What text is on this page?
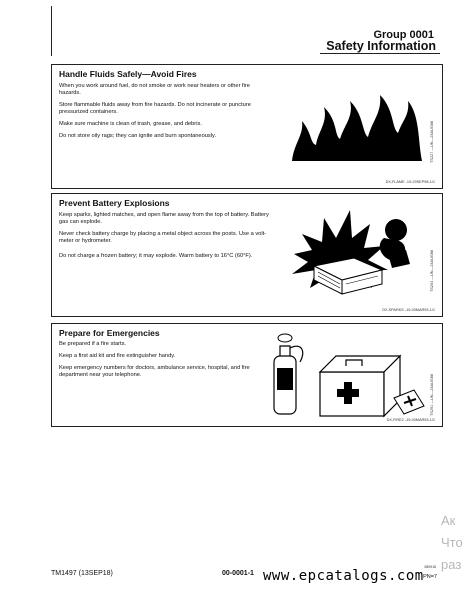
Group 0001
Safety Information
Handle Fluids Safely—Avoid Fires
When you work around fuel, do not smoke or work near heaters or other fire hazards.
Store flammable fluids away from fire hazards. Do not incinerate or puncture pressurized containers.
Make sure machine is clean of trash, grease, and debris.
Do not store oily rags; they can ignite and burn spontaneously.	TS227 —UN—23AUG88
DX,FLAME -19-29SEP98-1/1
Prevent Battery Explosions
Keep sparks, lighted matches, and open flame away from the top of battery. Battery gas can explode.
Never check battery charge by placing a metal object across the posts. Use a volt-meter or hydrometer.
Do not charge a frozen battery; it may explode. Warm battery to 16°C (60°F).	TS204 —UN—23AUG88
DX,SPARKS -19-03MAR93-1/1
Prepare for Emergencies
Be prepared if a fire starts.
Keep a first aid kit and fire extinguisher handy.
Keep emergency numbers for doctors, ambulance service, hospital, and fire department near your telephone.	TS291 —UN—23AUG88
DX,FIRE2 -19-03MAR93-1/1
Ак
Что
раз
TM1497 (13SEP18)	00-0001-1 www.epcatalogs.com
080918
PN=7
